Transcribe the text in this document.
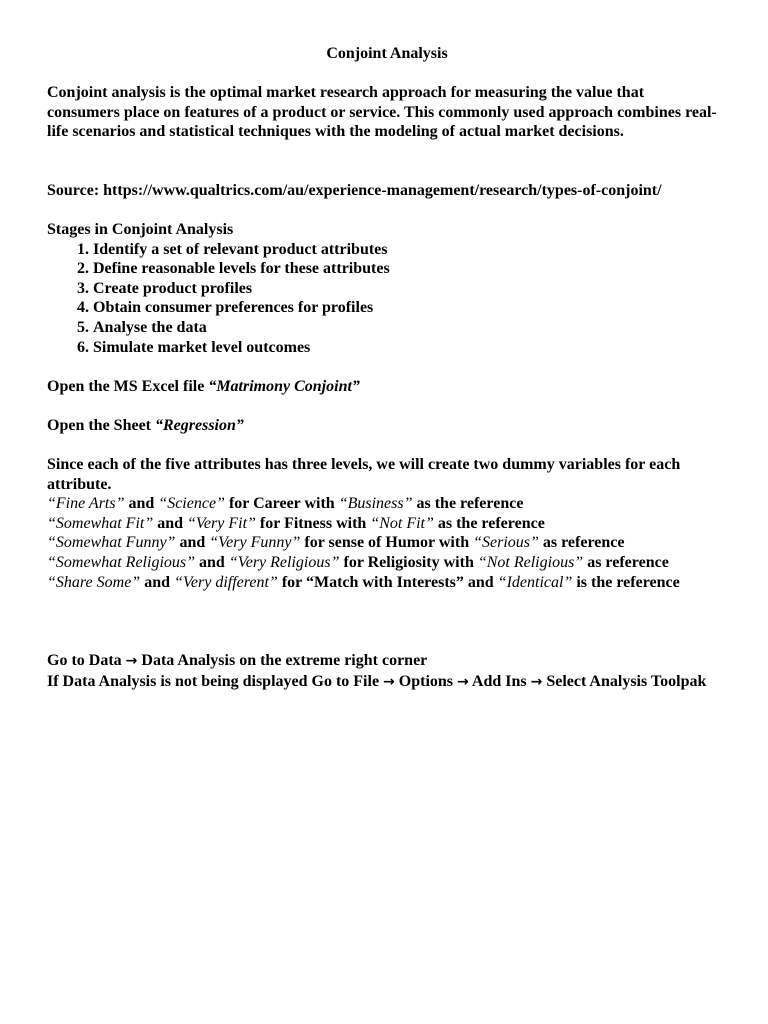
Conjoint Analysis

Conjoint analysis is the optimal market research approach for measuring the value that consumers place on features of a product or service. This commonly used approach combines real-life scenarios and statistical techniques with the modeling of actual market decisions.

Source: https://www.qualtrics.com/au/experience-management/research/types-of-conjoint/

Stages in Conjoint Analysis

1. Identify a set of relevant product attributes
2. Define reasonable levels for these attributes
3. Create product profiles
4. Obtain consumer preferences for profiles
5. Analyse the data
6. Simulate market level outcomes

Open the MS Excel file “Matrimony Conjoint”

Open the Sheet “Regression”

Since each of the five attributes has three levels, we will create two dummy variables for each attribute.

“Fine Arts” and “Science” for Career with “Business” as the reference

“Somewhat Fit” and “Very Fit” for Fitness with “Not Fit” as the reference

“Somewhat Funny” and “Very Funny” for sense of Humor with “Serious” as reference

“Somewhat Religious” and “Very Religious” for Religiosity with “Not Religious” as reference

“Share Some” and “Very different” for “Match with Interests” and “Identical” is the reference

Go to Data → Data Analysis on the extreme right corner

If Data Analysis is not being displayed Go to File → Options → Add Ins → Select Analysis Toolpak
